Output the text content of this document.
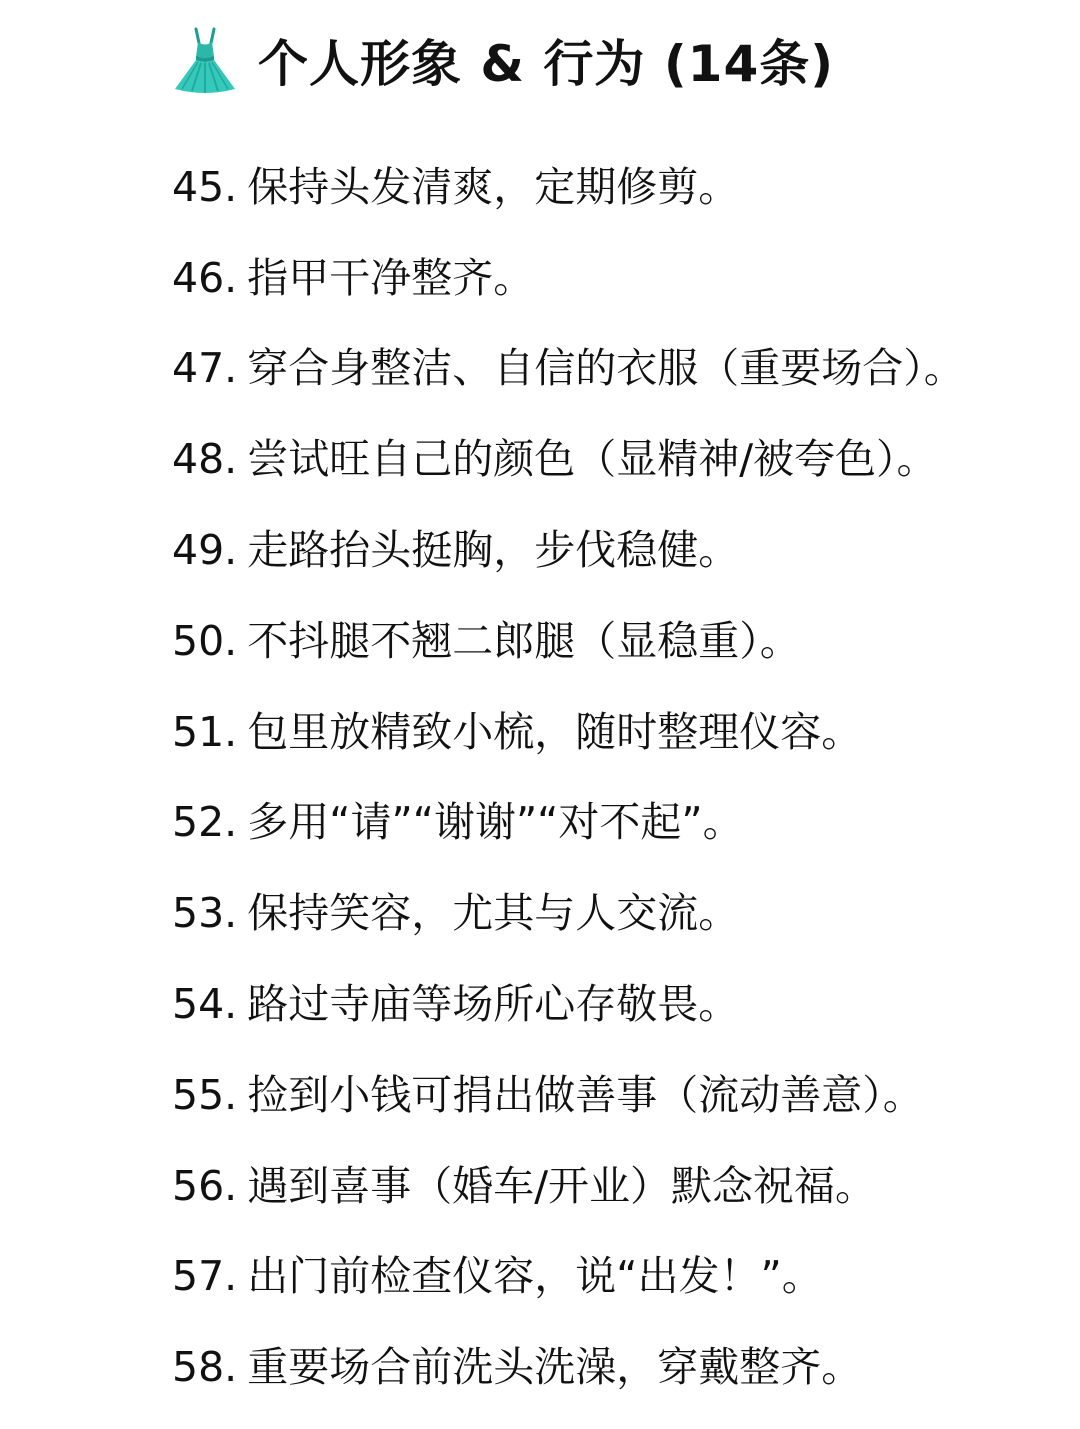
个人形象 & 行为 (14条)
45. 保持头发清爽，定期修剪。
46. 指甲干净整齐。
47. 穿合身整洁、自信的衣服（重要场合）。
48. 尝试旺自己的颜色（显精神/被夸色）。
49. 走路抬头挺胸，步伐稳健。
50. 不抖腿不翘二郎腿（显稳重）。
51. 包里放精致小梳，随时整理仪容。
52. 多用“请”“谢谢”“对不起”。
53. 保持笑容，尤其与人交流。
54. 路过寺庙等场所心存敬畏。
55. 捡到小钱可捐出做善事（流动善意）。
56. 遇到喜事（婚车/开业）默念祝福。
57. 出门前检查仪容，说“出发！”。
58. 重要场合前洗头洗澡，穿戴整齐。
